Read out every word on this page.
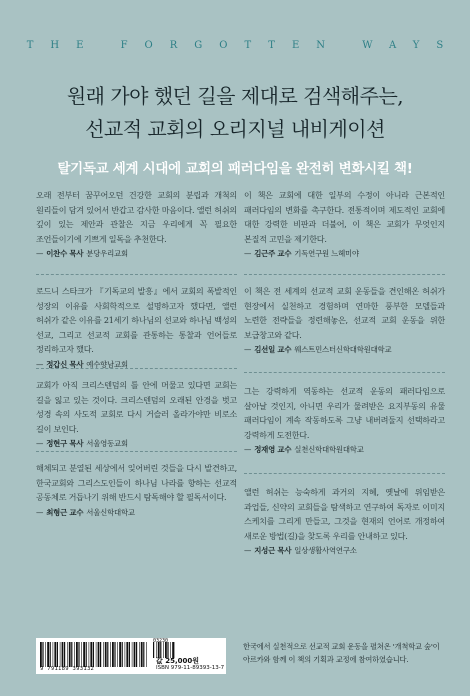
THE FORGOTTEN WAYS
원래 가야 했던 길을 제대로 검색해주는,
선교적 교회의 오리지널 내비게이션
탈기독교 세계 시대에 교회의 패러다임을 완전히 변화시킬 책!

오래 전부터 꿈꾸어오던 건강한 교회의 분립과 개척의 원리들이 담겨 있어서 반갑고 감사한 마음이다. 앨런 허쉬의 깊이 있는 제안과 관찰은 지금 우리에게 꼭 필요한 조언들이기에 기쁘게 일독을 추천한다.

— 이찬수 목사 분당우리교회

로드니 스타크가 『기독교의 발흥』에서 교회의 폭발적인 성장의 이유를 사회학적으로 설명하고자 했다면, 앨런 허쉬가 같은 이유를 21세기 하나님의 선교와 하나님 백성의 선교, 그리고 선교적 교회를 관통하는 통찰과 언어들로 정리하고자 했다.

— 정갑신 목사 예수향남교회

교회가 아직 크리스텐덤의 틀 안에 머물고 있다면 교회는 길을 잃고 있는 것이다. 크리스텐덤의 오래된 안경을 벗고 성경 속의 사도적 교회로 다시 거슬러 올라가야만 비로소 길이 보인다.

— 정현구 목사 서울영동교회

해체되고 분열된 세상에서 잊어버린 것들을 다시 발견하고, 한국교회와 그리스도인들이 하나님 나라를 향하는 선교적 공동체로 거듭나기 위해 반드시 탐독해야 할 필독서이다.

— 최형근 교수 서울신학대학교

이 책은 교회에 대한 일부의 수정이 아니라 근본적인 패러다임의 변화를 촉구한다. 전통적이며 제도적인 교회에 대한 강력한 비판과 더불어, 이 책은 교회가 무엇인지 본질적 고민을 제기한다.

— 김근주 교수 기독연구원 느헤미야

이 책은 전 세계의 선교적 교회 운동들을 견인해온 허쉬가 현장에서 실천하고 경험하며 연마한 풍부한 모델들과 노련한 전략들을 정련해놓은, 선교적 교회 운동을 위한 보급창고와 같다.

— 김선일 교수 웨스트민스터신학대학원대학교

그는 강력하게 역동하는 선교적 운동의 패러다임으로 살아날 것인지, 아니면 우리가 물려받은 요지부동의 유물 패러다임이 계속 작동하도록 그냥 내버려둘지 선택하라고 강력하게 도전한다.

— 정재영 교수 실천신학대학원대학교

앨런 허쉬는 능숙하게 과거의 지혜, 옛날에 위임받은 과업들, 신약의 교회들을 탐색하고 연구하여 독자로 이미지 스케치를 그리게 만들고, 그것을 현재의 언어로 개정하여 새로운 방법(길)을 찾도록 우리를 안내하고 있다.

— 지성근 목사 일상생활사역연구소
9 791189 393132
03230
값 25,000원
ISBN 979-11-89393-13-7
한국에서 실천적으로 선교적 교회 운동을 펼쳐온 '개척학교 숲'이
아르카와 함께 이 책의 기획과 교정에 참여하였습니다.
